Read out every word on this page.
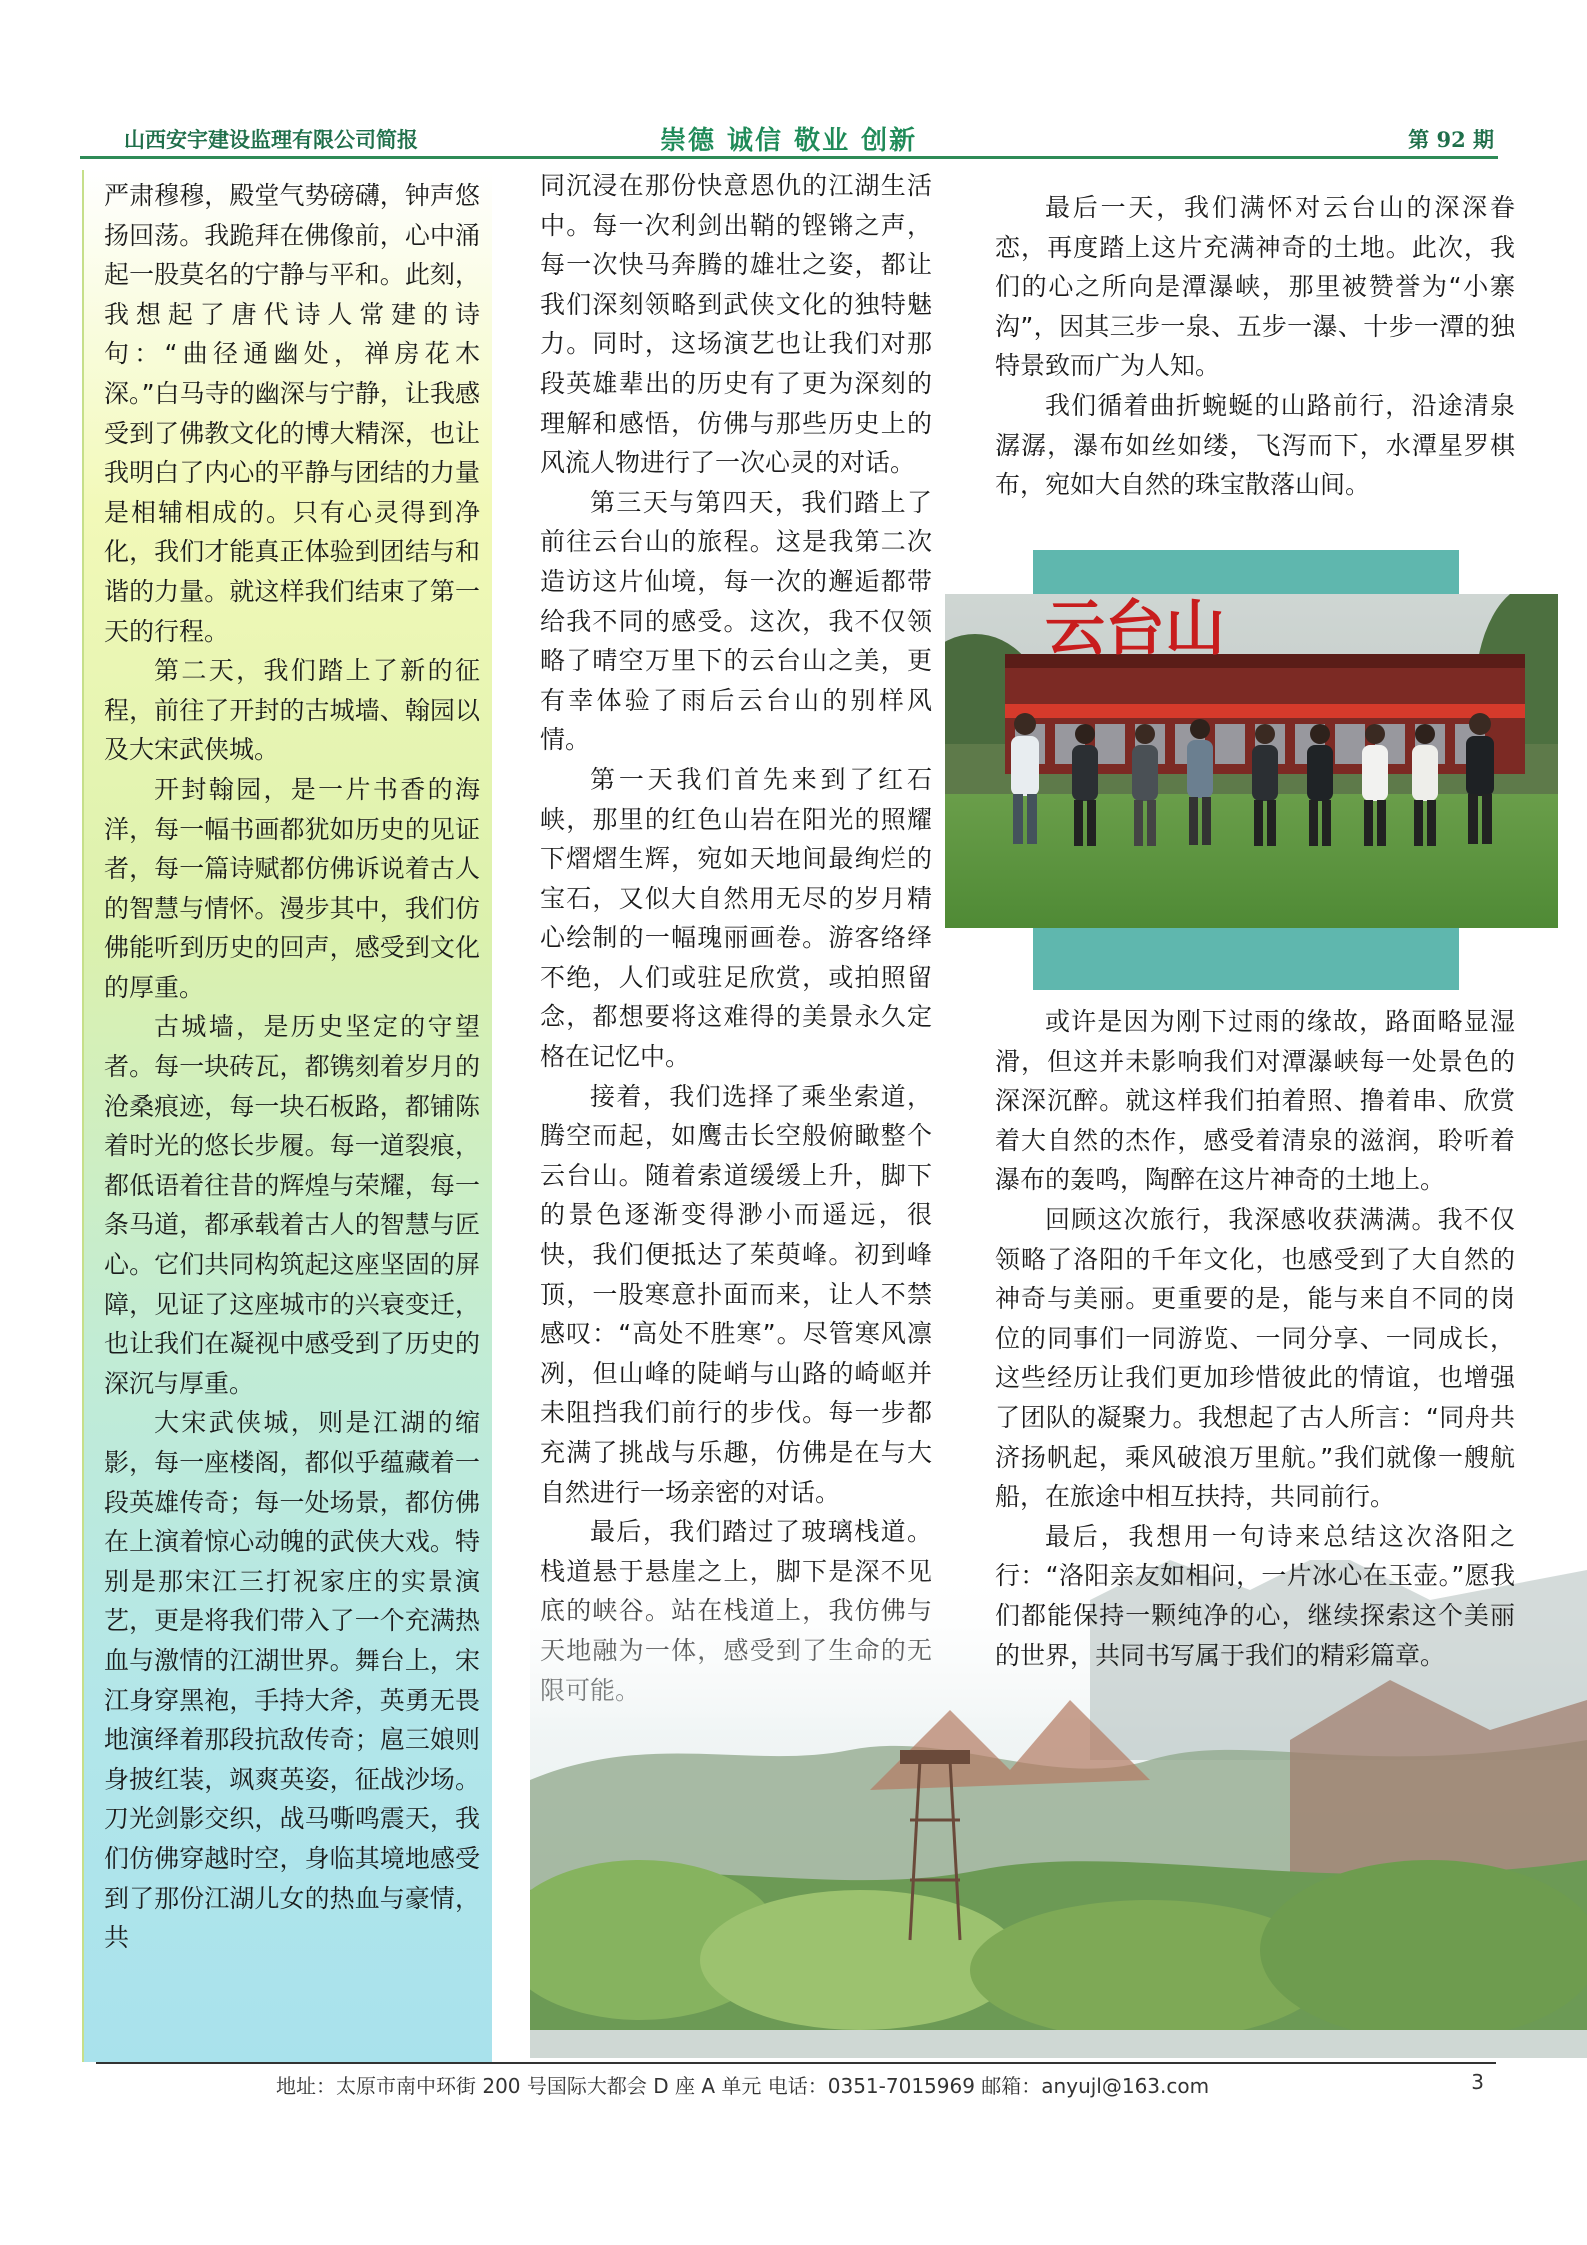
山西安宇建设监理有限公司简报	崇德 诚信 敬业 创新	第 92 期

严肃穆穆，殿堂气势磅礴，钟声悠扬回荡。我跪拜在佛像前，心中涌起一股莫名的宁静与平和。此刻，我想起了唐代诗人常建的诗句：“曲径通幽处，禅房花木深。”白马寺的幽深与宁静，让我感受到了佛教文化的博大精深，也让我明白了内心的平静与团结的力量是相辅相成的。只有心灵得到净化，我们才能真正体验到团结与和谐的力量。就这样我们结束了第一天的行程。

第二天，我们踏上了新的征程，前往了开封的古城墙、翰园以及大宋武侠城。

开封翰园，是一片书香的海洋，每一幅书画都犹如历史的见证者，每一篇诗赋都仿佛诉说着古人的智慧与情怀。漫步其中，我们仿佛能听到历史的回声，感受到文化的厚重。

古城墙，是历史坚定的守望者。每一块砖瓦，都镌刻着岁月的沧桑痕迹，每一块石板路，都铺陈着时光的悠长步履。每一道裂痕，都低语着往昔的辉煌与荣耀，每一条马道，都承载着古人的智慧与匠心。它们共同构筑起这座坚固的屏障，见证了这座城市的兴衰变迁，也让我们在凝视中感受到了历史的深沉与厚重。

大宋武侠城，则是江湖的缩影，每一座楼阁，都似乎蕴藏着一段英雄传奇；每一处场景，都仿佛在上演着惊心动魄的武侠大戏。特别是那宋江三打祝家庄的实景演艺，更是将我们带入了一个充满热血与激情的江湖世界。舞台上，宋江身穿黑袍，手持大斧，英勇无畏地演绎着那段抗敌传奇；扈三娘则身披红装，飒爽英姿，征战沙场。刀光剑影交织，战马嘶鸣震天，我们仿佛穿越时空，身临其境地感受到了那份江湖儿女的热血与豪情，共

同沉浸在那份快意恩仇的江湖生活中。每一次利剑出鞘的铿锵之声，每一次快马奔腾的雄壮之姿，都让我们深刻领略到武侠文化的独特魅力。同时，这场演艺也让我们对那段英雄辈出的历史有了更为深刻的理解和感悟，仿佛与那些历史上的风流人物进行了一次心灵的对话。

第三天与第四天，我们踏上了前往云台山的旅程。这是我第二次造访这片仙境，每一次的邂逅都带给我不同的感受。这次，我不仅领略了晴空万里下的云台山之美，更有幸体验了雨后云台山的别样风情。

第一天我们首先来到了红石峡，那里的红色山岩在阳光的照耀下熠熠生辉，宛如天地间最绚烂的宝石，又似大自然用无尽的岁月精心绘制的一幅瑰丽画卷。游客络绎不绝，人们或驻足欣赏，或拍照留念，都想要将这难得的美景永久定格在记忆中。

接着，我们选择了乘坐索道，腾空而起，如鹰击长空般俯瞰整个云台山。随着索道缓缓上升，脚下的景色逐渐变得渺小而遥远，很快，我们便抵达了茱萸峰。初到峰顶，一股寒意扑面而来，让人不禁感叹：“高处不胜寒”。尽管寒风凛冽，但山峰的陡峭与山路的崎岖并未阻挡我们前行的步伐。每一步都充满了挑战与乐趣，仿佛是在与大自然进行一场亲密的对话。

最后，我们踏过了玻璃栈道。

最后一天，我们满怀对云台山的深深眷恋，再度踏上这片充满神奇的土地。此次，我们的心之所向是潭瀑峡，那里被赞誉为“小寨沟”，因其三步一泉、五步一瀑、十步一潭的独特景致而广为人知。

我们循着曲折蜿蜒的山路前行，沿途清泉潺潺，瀑布如丝如缕，飞泻而下，水潭星罗棋布，宛如大自然的珠宝散落山间。

云台山

或许是因为刚下过雨的缘故，路面略显湿滑，但这并未影响我们对潭瀑峡每一处景色的深深沉醉。就这样我们拍着照、撸着串、欣赏着大自然的杰作，感受着清泉的滋润，聆听着瀑布的轰鸣，陶醉在这片神奇的土地上。

回顾这次旅行，我深感收获满满。我不仅领略了洛阳的千年文化，也感受到了大自然的神奇与美丽。更重要的是，能与来自不同的岗位的同事们一同游览、一同分享、一同成长，这些经历让我们更加珍惜彼此的情谊，也增强了团队的凝聚力。我想起了古人所言：“同舟共济扬帆起，乘风破浪万里航。”我们就像一艘航船，在旅途中相互扶持，共同前行。

最后，我想用一句诗来总结这次洛阳之行：“洛阳亲友如相问，一片冰心在玉壶。”愿我们都能保持一颗纯净的心，继续探索这个美丽的世界，共同书写属于我们的精彩篇章。

地址：太原市南中环街 200 号国际大都会 D 座 A 单元 电话：0351-7015969 邮箱：anyujl@163.com	3
